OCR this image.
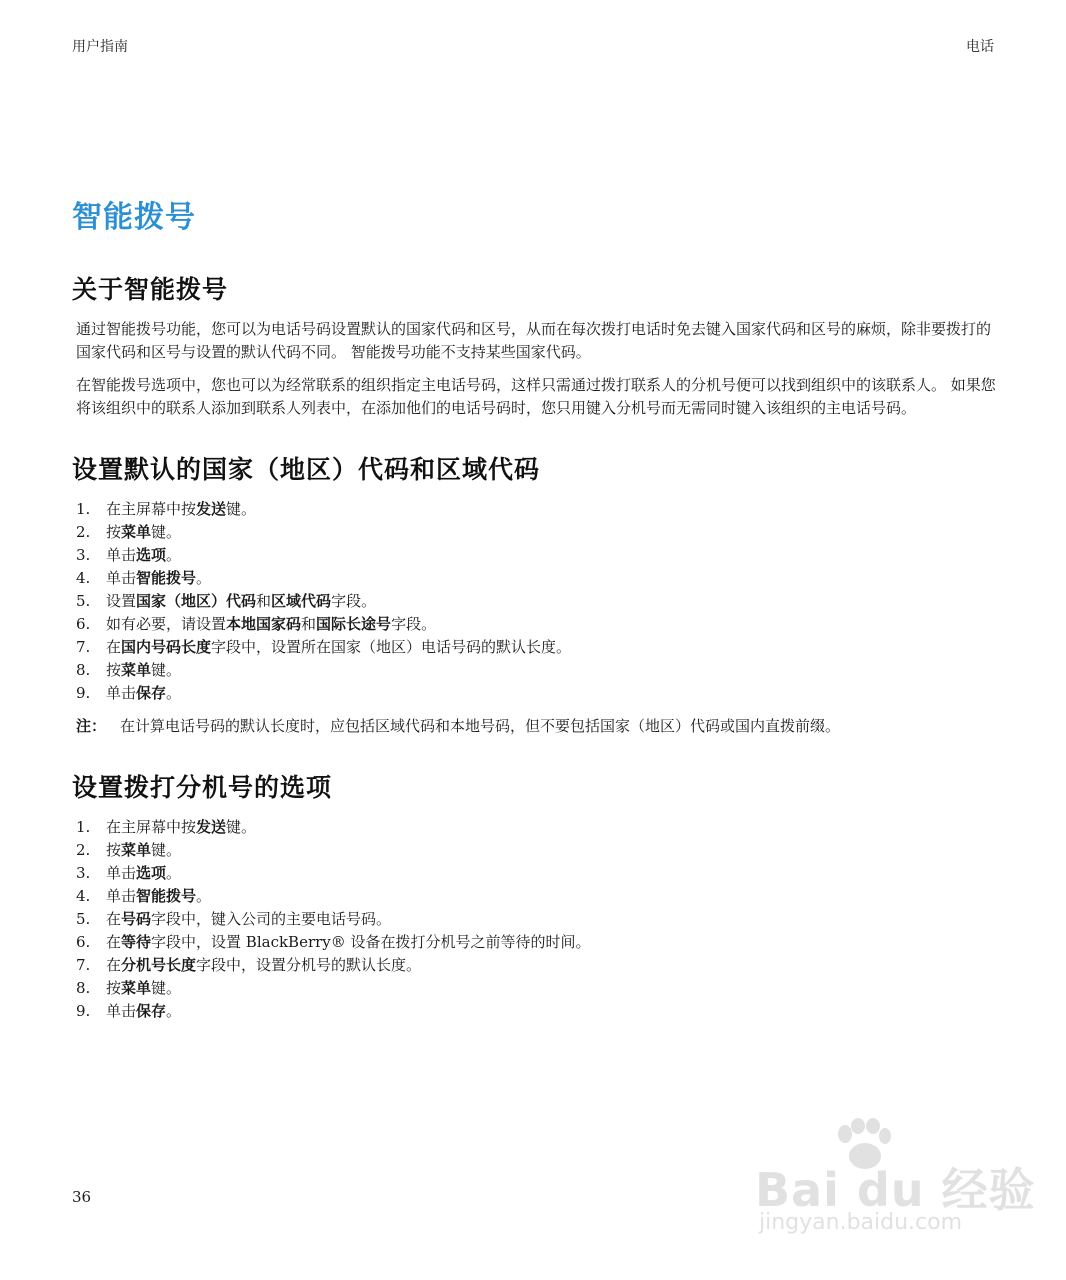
用户指南	电话
智能拨号
关于智能拨号

通过智能拨号功能，您可以为电话号码设置默认的国家代码和区号，从而在每次拨打电话时免去键入国家代码和区号的麻烦，除非要拨打的国家代码和区号与设置的默认代码不同。 智能拨号功能不支持某些国家代码。

在智能拨号选项中，您也可以为经常联系的组织指定主电话号码，这样只需通过拨打联系人的分机号便可以找到组织中的该联系人。 如果您将该组织中的联系人添加到联系人列表中，在添加他们的电话号码时，您只用键入分机号而无需同时键入该组织的主电话号码。

设置默认的国家（地区）代码和区域代码
1.	在主屏幕中按发送键。
2.	按菜单键。
3.	单击选项。
4.	单击智能拨号。
5.	设置国家（地区）代码和区域代码字段。
6.	如有必要，请设置本地国家码和国际长途号字段。
7.	在国内号码长度字段中，设置所在国家（地区）电话号码的默认长度。
8.	按菜单键。
9.	单击保存。
注： 在计算电话号码的默认长度时，应包括区域代码和本地号码，但不要包括国家（地区）代码或国内直拨前缀。
设置拨打分机号的选项
1.	在主屏幕中按发送键。
2.	按菜单键。
3.	单击选项。
4.	单击智能拨号。
5.	在号码字段中，键入公司的主要电话号码。
6.	在等待字段中，设置 BlackBerry® 设备在拨打分机号之前等待的时间。
7.	在分机号长度字段中，设置分机号的默认长度。
8.	按菜单键。
9.	单击保存。
36	Bai du 经验
jingyan.baidu.com
